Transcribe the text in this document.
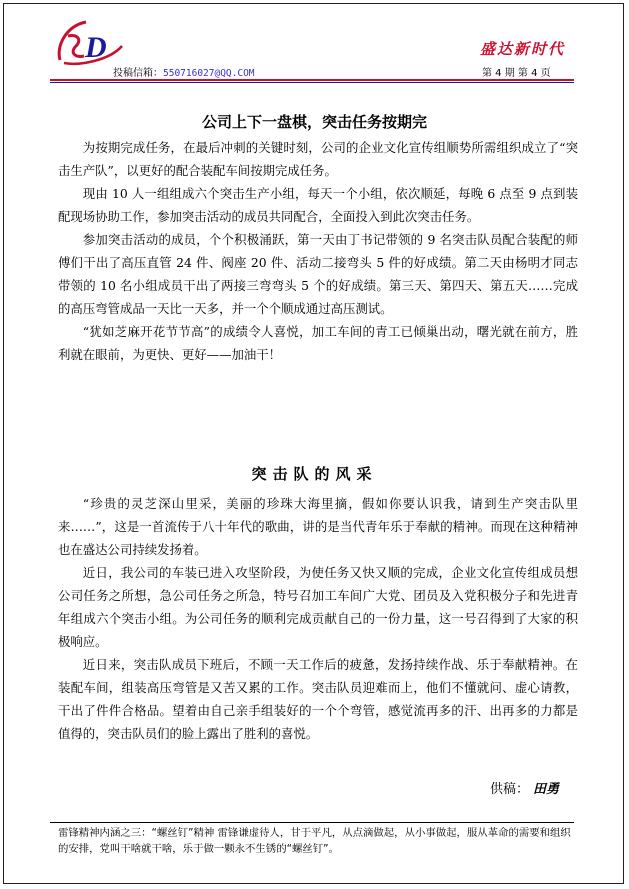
D
SD
投稿信箱：550716027@QQ.COM
盛达新时代
第 4 期 第 4 页
公司上下一盘棋，突击任务按期完

为按期完成任务，在最后冲刺的关键时刻，公司的企业文化宣传组顺势所需组织成立了“突击生产队”，以更好的配合装配车间按期完成任务。

现由 10 人一组组成六个突击生产小组，每天一个小组，依次顺延，每晚 6 点至 9 点到装配现场协助工作，参加突击活动的成员共同配合，全面投入到此次突击任务。

参加突击活动的成员，个个积极涌跃，第一天由丁书记带领的 9 名突击队员配合装配的师傅们干出了高压直管 24 件、阀座 20 件、活动二接弯头 5 件的好成绩。第二天由杨明才同志带领的 10 名小组成员干出了两接三弯弯头 5 个的好成绩。第三天、第四天、第五天……完成的高压弯管成品一天比一天多，并一个个顺成通过高压测试。

“犹如芝麻开花节节高”的成绩令人喜悦，加工车间的青工已倾巢出动，曙光就在前方，胜利就在眼前，为更快、更好——加油干！

突击队的风采

“珍贵的灵芝深山里采，美丽的珍珠大海里摘，假如你要认识我，请到生产突击队里来……”，这是一首流传于八十年代的歌曲，讲的是当代青年乐于奉献的精神。而现在这种精神也在盛达公司持续发扬着。

近日，我公司的车装已进入攻坚阶段，为使任务又快又顺的完成，企业文化宣传组成员想公司任务之所想，急公司任务之所急，特号召加工车间广大党、团员及入党积极分子和先进青年组成六个突击小组。为公司任务的顺利完成贡献自己的一份力量，这一号召得到了大家的积极响应。

近日来，突击队成员下班后，不顾一天工作后的疲惫，发扬持续作战、乐于奉献精神。在装配车间，组装高压弯管是又苦又累的工作。突击队员迎难而上，他们不懂就问、虚心请教，干出了件件合格品。望着由自己亲手组装好的一个个弯管，感觉流再多的汗、出再多的力都是值得的，突击队员们的脸上露出了胜利的喜悦。

供稿： 田勇
雷锋精神内涵之三：“螺丝钉”精神 雷锋谦虚待人，甘于平凡，从点滴做起，从小事做起，服从革命的需要和组织的安排，党叫干啥就干啥，乐于做一颗永不生锈的“螺丝钉”。
